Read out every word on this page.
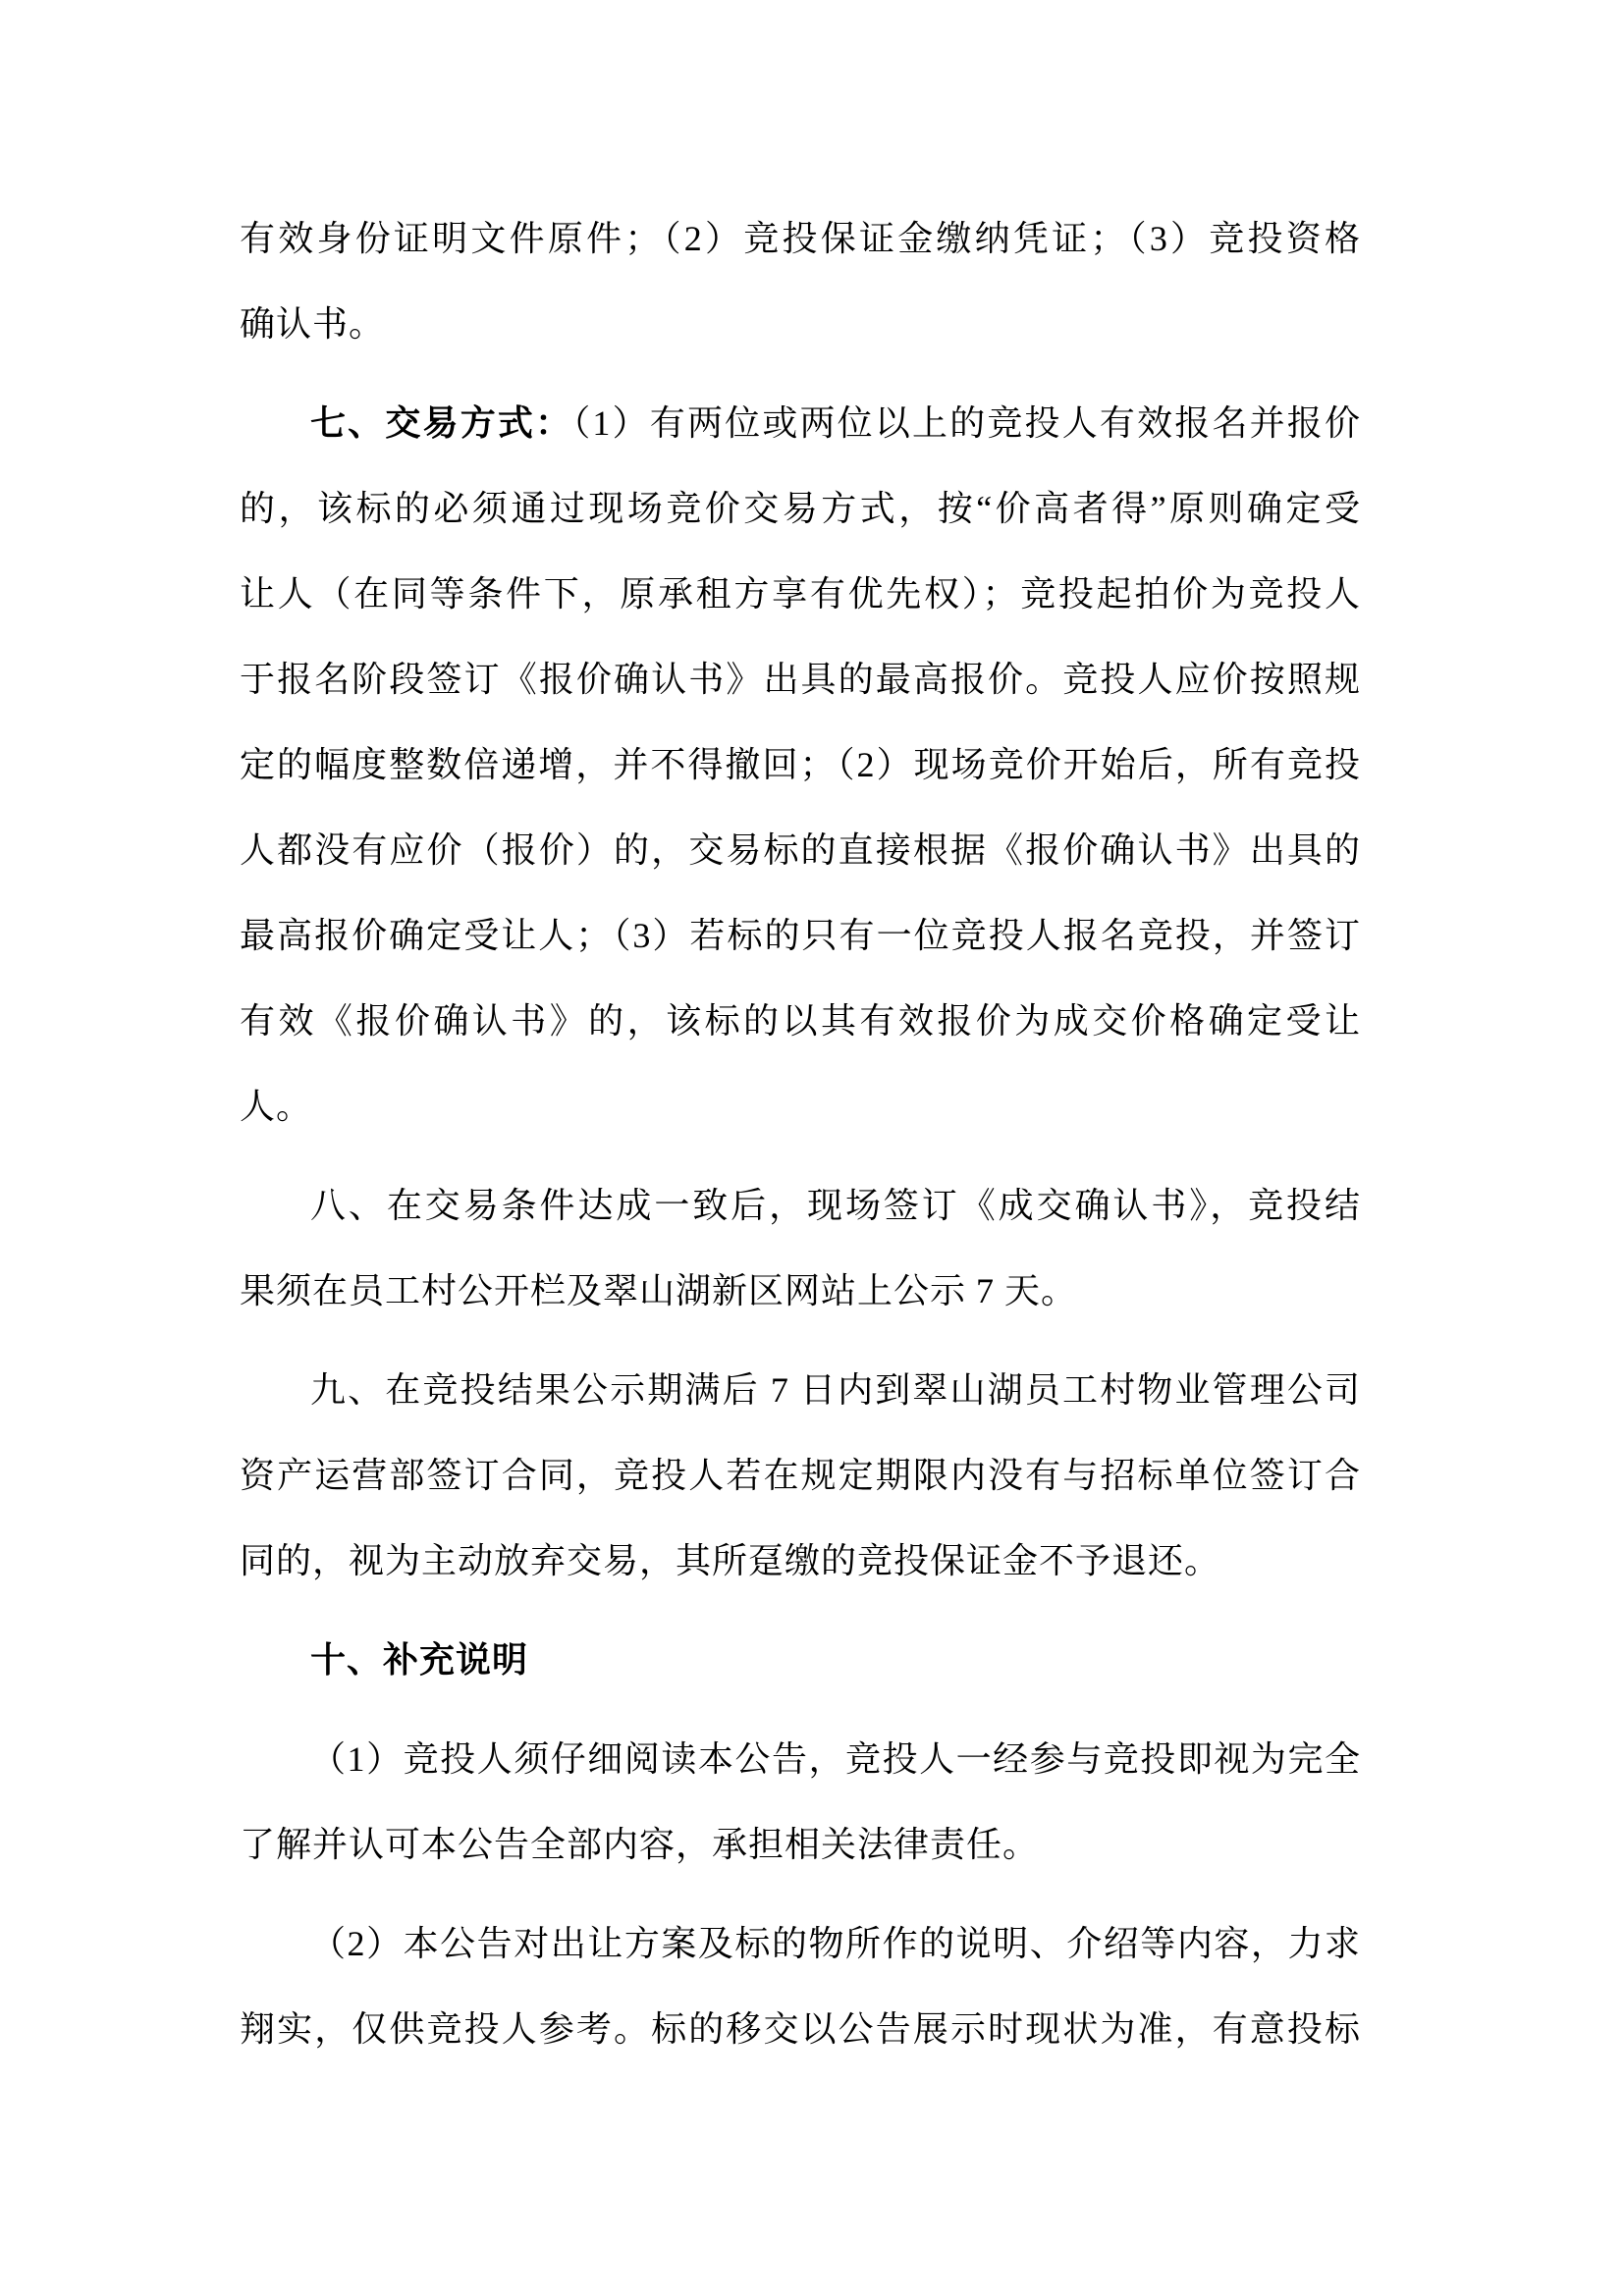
有效身份证明文件原件；（2）竞投保证金缴纳凭证；（3）竞投资格
确认书。
七、交易方式：（1）有两位或两位以上的竞投人有效报名并报价
的，该标的必须通过现场竞价交易方式，按“价高者得”原则确定受
让人（在同等条件下，原承租方享有优先权）；竞投起拍价为竞投人
于报名阶段签订《报价确认书》出具的最高报价。竞投人应价按照规
定的幅度整数倍递增，并不得撤回；（2）现场竞价开始后，所有竞投
人都没有应价（报价）的，交易标的直接根据《报价确认书》出具的
最高报价确定受让人；（3）若标的只有一位竞投人报名竞投，并签订
有效《报价确认书》的，该标的以其有效报价为成交价格确定受让
人。
八、在交易条件达成一致后，现场签订《成交确认书》，竞投结
果须在员工村公开栏及翠山湖新区网站上公示 7 天。
九、在竞投结果公示期满后 7 日内到翠山湖员工村物业管理公司
资产运营部签订合同，竞投人若在规定期限内没有与招标单位签订合
同的，视为主动放弃交易，其所趸缴的竞投保证金不予退还。
十、补充说明
（1）竞投人须仔细阅读本公告，竞投人一经参与竞投即视为完全
了解并认可本公告全部内容，承担相关法律责任。
（2）本公告对出让方案及标的物所作的说明、介绍等内容，力求
翔实，仅供竞投人参考。标的移交以公告展示时现状为准，有意投标
